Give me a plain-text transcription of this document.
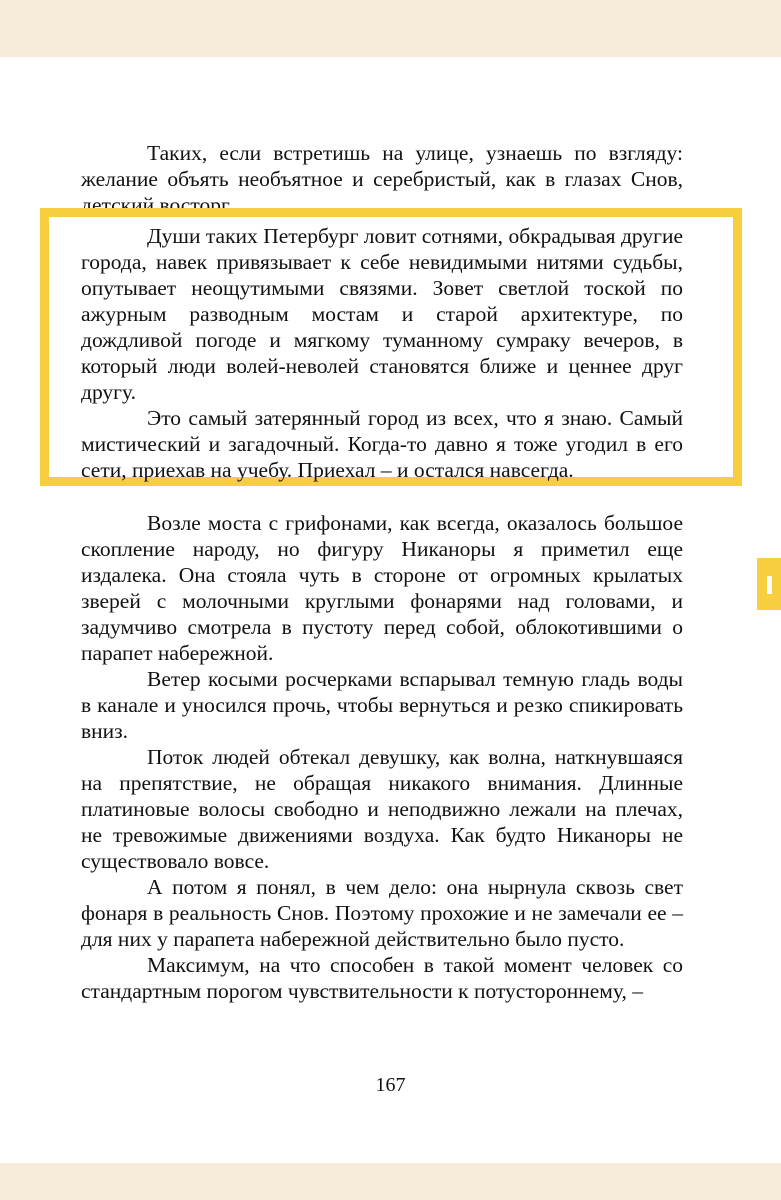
Таких, если встретишь на улице, узнаешь по взгляду: желание объять необъятное и серебристый, как в глазах Снов, детский восторг.

Души таких Петербург ловит сотнями, обкрадывая другие города, навек привязывает к себе невидимыми нитями судьбы, опутывает неощутимыми связями. Зовет светлой тоской по ажурным разводным мостам и старой архитектуре, по дождливой погоде и мягкому туманному сумраку вечеров, в который люди волей-неволей становятся ближе и ценнее друг другу.

Это самый затерянный город из всех, что я знаю. Самый мистический и загадочный. Когда-то давно я тоже угодил в его сети, приехав на учебу. Приехал – и остался навсегда.

Возле моста с грифонами, как всегда, оказалось большое скопление народу, но фигуру Никаноры я приметил еще издалека. Она стояла чуть в стороне от огромных крылатых зверей с молочными круглыми фонарями над головами, и задумчиво смотрела в пустоту перед собой, облокотившими о парапет набережной.

Ветер косыми росчерками вспарывал темную гладь воды в канале и уносился прочь, чтобы вернуться и резко спикировать вниз.

Поток людей обтекал девушку, как волна, наткнувшаяся на препятствие, не обращая никакого внимания. Длинные платиновые волосы свободно и неподвижно лежали на плечах, не тревожимые движениями воздуха. Как будто Никаноры не существовало вовсе.

А потом я понял, в чем дело: она нырнула сквозь свет фонаря в реальность Снов. Поэтому прохожие и не замечали ее – для них у парапета набережной действительно было пусто.

Максимум, на что способен в такой момент человек со стандартным порогом чувствительности к потустороннему, –

167
